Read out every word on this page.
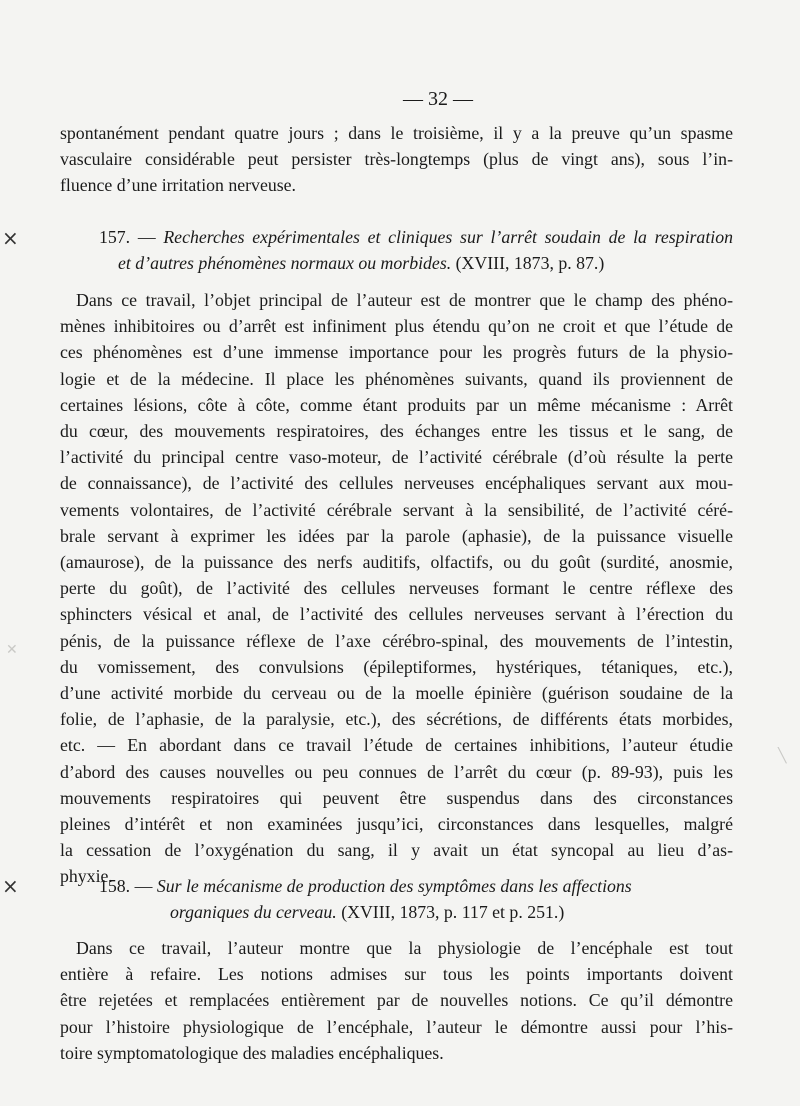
— 32 —

spontanément pendant quatre jours ; dans le troisième, il y a la preuve qu’un spasme

vasculaire considérable peut persister très-longtemps (plus de vingt ans), sous l’in-

fluence d’une irritation nerveuse.

×	157. — Recherches expérimentales et cliniques sur l’arrêt soudain de la respiration
et d’autres phénomènes normaux ou morbides. (XVIII, 1873, p. 87.)

Dans ce travail, l’objet principal de l’auteur est de montrer que le champ des phéno-

mènes inhibitoires ou d’arrêt est infiniment plus étendu qu’on ne croit et que l’étude de

ces phénomènes est d’une immense importance pour les progrès futurs de la physio-

logie et de la médecine. Il place les phénomènes suivants, quand ils proviennent de

certaines lésions, côte à côte, comme étant produits par un même mécanisme : Arrêt

du cœur, des mouvements respiratoires, des échanges entre les tissus et le sang, de

l’activité du principal centre vaso-moteur, de l’activité cérébrale (d’où résulte la perte

de connaissance), de l’activité des cellules nerveuses encéphaliques servant aux mou-

vements volontaires, de l’activité cérébrale servant à la sensibilité, de l’activité céré-

brale servant à exprimer les idées par la parole (aphasie), de la puissance visuelle

(amaurose), de la puissance des nerfs auditifs, olfactifs, ou du goût (surdité, anosmie,

perte du goût), de l’activité des cellules nerveuses formant le centre réflexe des

sphincters vésical et anal, de l’activité des cellules nerveuses servant à l’érection du

pénis, de la puissance réflexe de l’axe cérébro-spinal, des mouvements de l’intestin,

du vomissement, des convulsions (épileptiformes, hystériques, tétaniques, etc.),

d’une activité morbide du cerveau ou de la moelle épinière (guérison soudaine de la

folie, de l’aphasie, de la paralysie, etc.), des sécrétions, de différents états morbides,

etc. — En abordant dans ce travail l’étude de certaines inhibitions, l’auteur étudie

d’abord des causes nouvelles ou peu connues de l’arrêt du cœur (p. 89-93), puis les

mouvements respiratoires qui peuvent être suspendus dans des circonstances

pleines d’intérêt et non examinées jusqu’ici, circonstances dans lesquelles, malgré

la cessation de l’oxygénation du sang, il y avait un état syncopal au lieu d’as-

phyxie.

×	158. — Sur le mécanisme de production des symptômes dans les affections
organiques du cerveau. (XVIII, 1873, p. 117 et p. 251.)

Dans ce travail, l’auteur montre que la physiologie de l’encéphale est tout

entière à refaire. Les notions admises sur tous les points importants doivent

être rejetées et remplacées entièrement par de nouvelles notions. Ce qu’il démontre

pour l’histoire physiologique de l’encéphale, l’auteur le démontre aussi pour l’his-

toire symptomatologique des maladies encéphaliques.

✕
╲
